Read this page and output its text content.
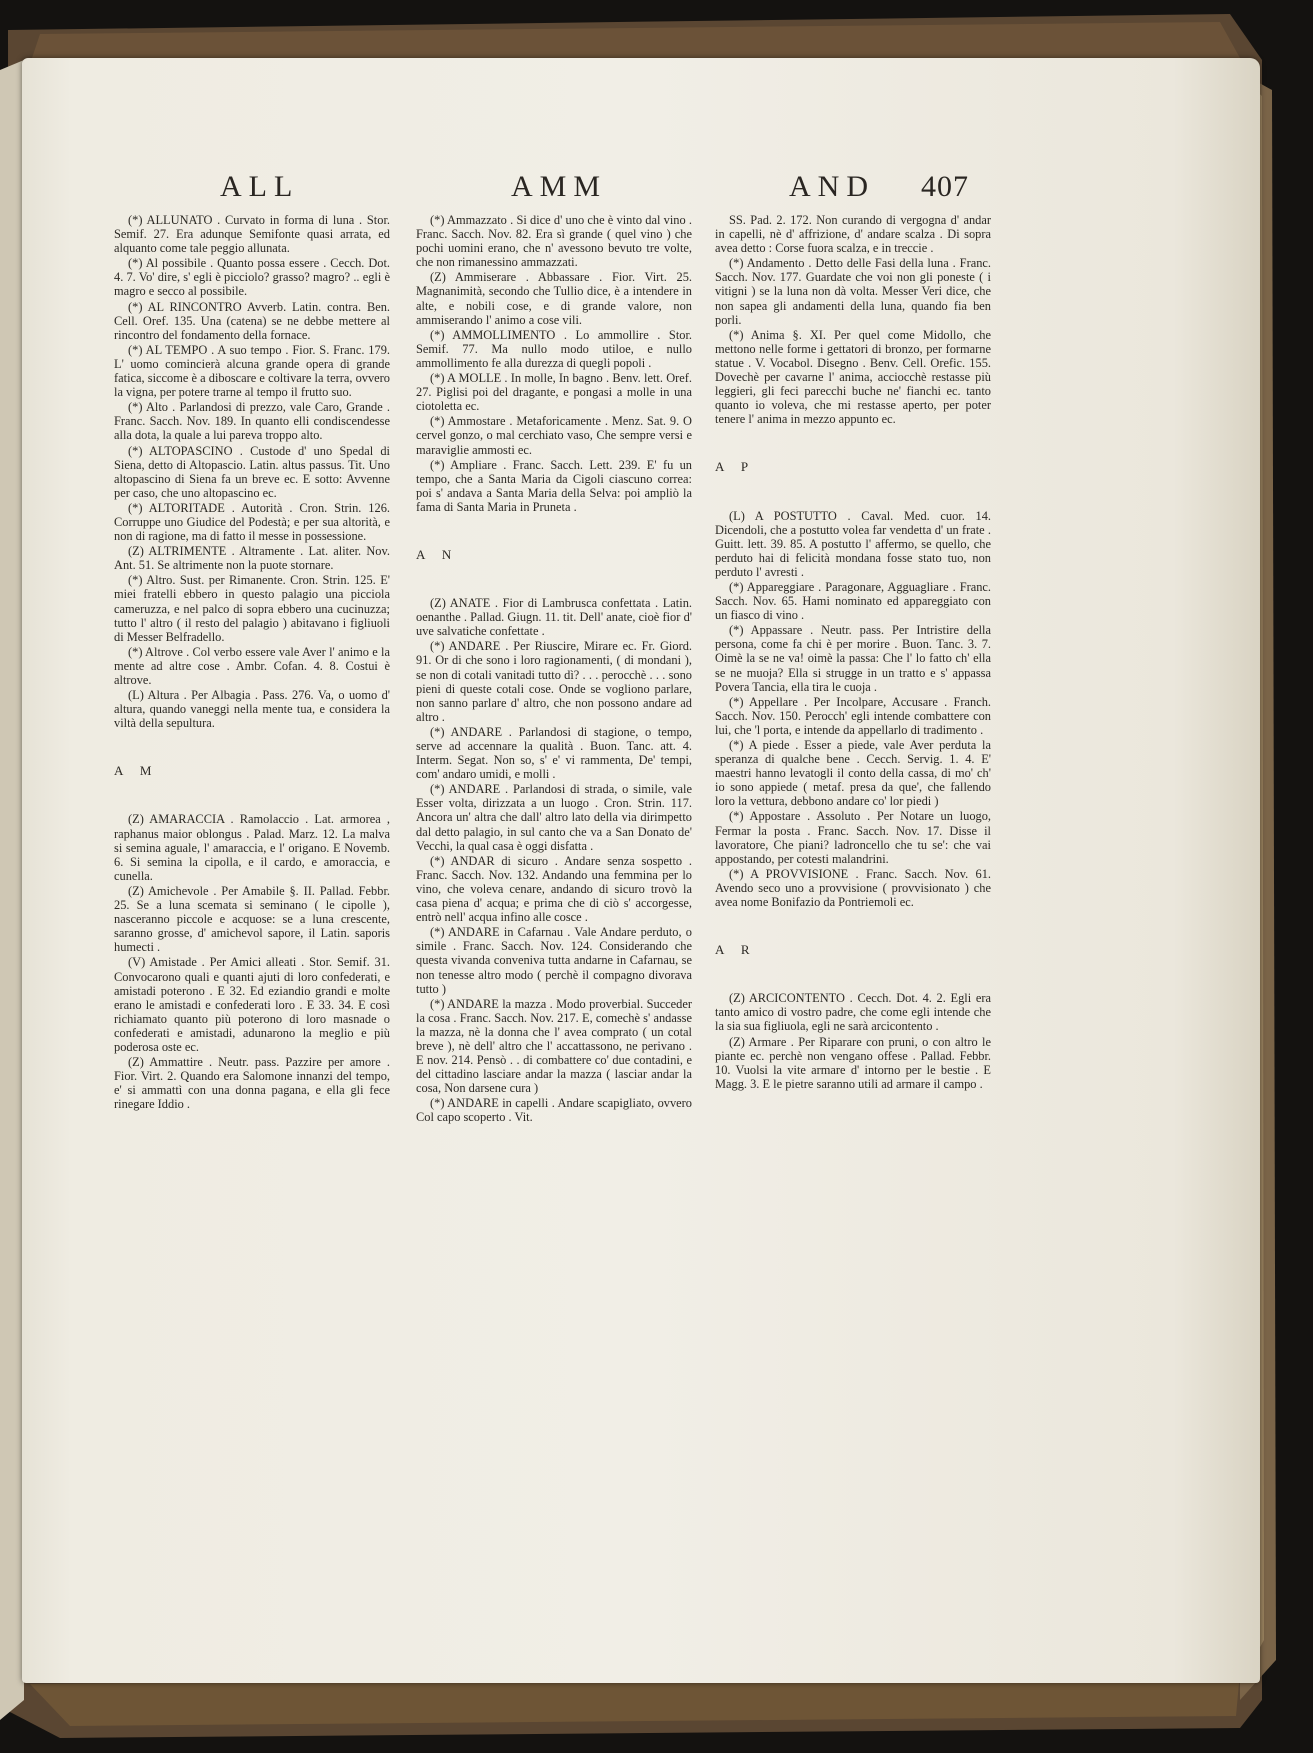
ALL	AMM	AND 407

(*) ALLUNATO . Curvato in forma di luna . Stor. Semif. 27. Era adunque Semifonte quasi arrata, ed alquanto come tale peggio allunata.

(*) Al possibile . Quanto possa essere . Cecch. Dot. 4. 7. Vo' dire, s' egli è picciolo? grasso? magro? .. egli è magro e secco al possibile.

(*) AL RINCONTRO Avverb. Latin. contra. Ben. Cell. Oref. 135. Una (catena) se ne debbe mettere al rincontro del fondamento della fornace.

(*) AL TEMPO . A suo tempo . Fior. S. Franc. 179. L' uomo comincierà alcuna grande opera di grande fatica, siccome è a diboscare e coltivare la terra, ovvero la vigna, per potere trarne al tempo il frutto suo.

(*) Alto . Parlandosi di prezzo, vale Caro, Grande . Franc. Sacch. Nov. 189. In quanto elli condiscendesse alla dota, la quale a lui pareva troppo alto.

(*) ALTOPASCINO . Custode d' uno Spedal di Siena, detto di Altopascio. Latin. altus passus. Tit. Uno altopascino di Siena fa un breve ec. E sotto: Avvenne per caso, che uno altopascino ec.

(*) ALTORITADE . Autorità . Cron. Strin. 126. Corruppe uno Giudice del Podestà; e per sua altorità, e non di ragione, ma di fatto il messe in possessione.

(Z) ALTRIMENTE . Altramente . Lat. aliter. Nov. Ant. 51. Se altrimente non la puote stornare.

(*) Altro. Sust. per Rimanente. Cron. Strin. 125. E' miei fratelli ebbero in questo palagio una picciola cameruzza, e nel palco di sopra ebbero una cucinuzza; tutto l' altro ( il resto del palagio ) abitavano i figliuoli di Messer Belfradello.

(*) Altrove . Col verbo essere vale Aver l' animo e la mente ad altre cose . Ambr. Cofan. 4. 8. Costui è altrove.

(L) Altura . Per Albagia . Pass. 276. Va, o uomo d' altura, quando vaneggi nella mente tua, e considera la viltà della sepultura.

A M

(Z) AMARACCIA . Ramolaccio . Lat. armorea , raphanus maior oblongus . Palad. Marz. 12. La malva si semina aguale, l' amaraccia, e l' origano. E Novemb. 6. Si semina la cipolla, e il cardo, e amoraccia, e cunella.

(Z) Amichevole . Per Amabile §. II. Pallad. Febbr. 25. Se a luna scemata si seminano ( le cipolle ), nasceranno piccole e acquose: se a luna crescente, saranno grosse, d' amichevol sapore, il Latin. saporis humecti .

(V) Amistade . Per Amici alleati . Stor. Semif. 31. Convocarono quali e quanti ajuti di loro confederati, e amistadi poterono . E 32. Ed eziandio grandi e molte erano le amistadi e confederati loro . E 33. 34. E così richiamato quanto più poterono di loro masnade o confederati e amistadi, adunarono la meglio e più poderosa oste ec.

(Z) Ammattire . Neutr. pass. Pazzire per amore . Fior. Virt. 2. Quando era Salomone innanzi del tempo, e' si ammattì con una donna pagana, e ella gli fece rinegare Iddio .

(*) Ammazzato . Si dice d' uno che è vinto dal vino . Franc. Sacch. Nov. 82. Era sì grande ( quel vino ) che pochi uomini erano, che n' avessono bevuto tre volte, che non rimanessino ammazzati.

(Z) Ammiserare . Abbassare . Fior. Virt. 25. Magnanimità, secondo che Tullio dice, è a intendere in alte, e nobili cose, e di grande valore, non ammiserando l' animo a cose vili.

(*) AMMOLLIMENTO . Lo ammollire . Stor. Semif. 77. Ma nullo modo utiloe, e nullo ammollimento fe alla durezza di quegli popoli .

(*) A MOLLE . In molle, In bagno . Benv. lett. Oref. 27. Piglisi poi del dragante, e pongasi a molle in una ciotoletta ec.

(*) Ammostare . Metaforicamente . Menz. Sat. 9. O cervel gonzo, o mal cerchiato vaso, Che sempre versi e maraviglie ammosti ec.

(*) Ampliare . Franc. Sacch. Lett. 239. E' fu un tempo, che a Santa Maria da Cigoli ciascuno correa: poi s' andava a Santa Maria della Selva: poi ampliò la fama di Santa Maria in Pruneta .

A N

(Z) ANATE . Fior di Lambrusca confettata . Latin. oenanthe . Pallad. Giugn. 11. tit. Dell' anate, cioè fior d' uve salvatiche confettate .

(*) ANDARE . Per Riuscire, Mirare ec. Fr. Giord. 91. Or di che sono i loro ragionamenti, ( di mondani ), se non di cotali vanitadi tutto dì? . . . perocchè . . . sono pieni di queste cotali cose. Onde se vogliono parlare, non sanno parlare d' altro, che non possono andare ad altro .

(*) ANDARE . Parlandosi di stagione, o tempo, serve ad accennare la qualità . Buon. Tanc. att. 4. Interm. Segat. Non so, s' e' vi rammenta, De' tempi, com' andaro umidi, e molli .

(*) ANDARE . Parlandosi di strada, o simile, vale Esser volta, dirizzata a un luogo . Cron. Strin. 117. Ancora un' altra che dall' altro lato della via dirimpetto dal detto palagio, in sul canto che va a San Donato de' Vecchi, la qual casa è oggi disfatta .

(*) ANDAR di sicuro . Andare senza sospetto . Franc. Sacch. Nov. 132. Andando una femmina per lo vino, che voleva cenare, andando di sicuro trovò la casa piena d' acqua; e prima che di ciò s' accorgesse, entrò nell' acqua infino alle cosce .

(*) ANDARE in Cafarnau . Vale Andare perduto, o simile . Franc. Sacch. Nov. 124. Considerando che questa vivanda conveniva tutta andarne in Cafarnau, se non tenesse altro modo ( perchè il compagno divorava tutto )

(*) ANDARE la mazza . Modo proverbial. Succeder la cosa . Franc. Sacch. Nov. 217. E, comechè s' andasse la mazza, nè la donna che l' avea comprato ( un cotal breve ), nè dell' altro che l' accattassono, ne perivano . E nov. 214. Pensò . . di combattere co' due contadini, e del cittadino lasciare andar la mazza ( lasciar andar la cosa, Non darsene cura )

(*) ANDARE in capelli . Andare scapigliato, ovvero Col capo scoperto . Vit.

SS. Pad. 2. 172. Non curando di vergogna d' andar in capelli, nè d' affrizione, d' andare scalza . Di sopra avea detto : Corse fuora scalza, e in treccie .

(*) Andamento . Detto delle Fasi della luna . Franc. Sacch. Nov. 177. Guardate che voi non gli poneste ( i vitigni ) se la luna non dà volta. Messer Veri dice, che non sapea gli andamenti della luna, quando fia ben porli.

(*) Anima §. XI. Per quel come Midollo, che mettono nelle forme i gettatori di bronzo, per formarne statue . V. Vocabol. Disegno . Benv. Cell. Orefic. 155. Dovechè per cavarne l' anima, acciocchè restasse più leggieri, gli feci parecchi buche ne' fianchi ec. tanto quanto io voleva, che mi restasse aperto, per poter tenere l' anima in mezzo appunto ec.

A P

(L) A POSTUTTO . Caval. Med. cuor. 14. Dicendoli, che a postutto volea far vendetta d' un frate . Guitt. lett. 39. 85. A postutto l' affermo, se quello, che perduto hai di felicità mondana fosse stato tuo, non perduto l' avresti .

(*) Appareggiare . Paragonare, Agguagliare . Franc. Sacch. Nov. 65. Hami nominato ed appareggiato con un fiasco di vino .

(*) Appassare . Neutr. pass. Per Intristire della persona, come fa chi è per morire . Buon. Tanc. 3. 7. Oimè la se ne va! oimè la passa: Che l' lo fatto ch' ella se ne muoja? Ella si strugge in un tratto e s' appassa Povera Tancia, ella tira le cuoja .

(*) Appellare . Per Incolpare, Accusare . Franch. Sacch. Nov. 150. Perocch' egli intende combattere con lui, che 'l porta, e intende da appellarlo di tradimento .

(*) A piede . Esser a piede, vale Aver perduta la speranza di qualche bene . Cecch. Servig. 1. 4. E' maestri hanno levatogli il conto della cassa, di mo' ch' io sono appiede ( metaf. presa da que', che fallendo loro la vettura, debbono andare co' lor piedi )

(*) Appostare . Assoluto . Per Notare un luogo, Fermar la posta . Franc. Sacch. Nov. 17. Disse il lavoratore, Che piani? ladroncello che tu se': che vai appostando, per cotesti malandrini.

(*) A PROVVISIONE . Franc. Sacch. Nov. 61. Avendo seco uno a provvisione ( provvisionato ) che avea nome Bonifazio da Pontriemoli ec.

A R

(Z) ARCICONTENTO . Cecch. Dot. 4. 2. Egli era tanto amico di vostro padre, che come egli intende che la sia sua figliuola, egli ne sarà arcicontento .

(Z) Armare . Per Riparare con pruni, o con altro le piante ec. perchè non vengano offese . Pallad. Febbr. 10. Vuolsi la vite armare d' intorno per le bestie . E Magg. 3. E le pietre saranno utili ad armare il campo .
